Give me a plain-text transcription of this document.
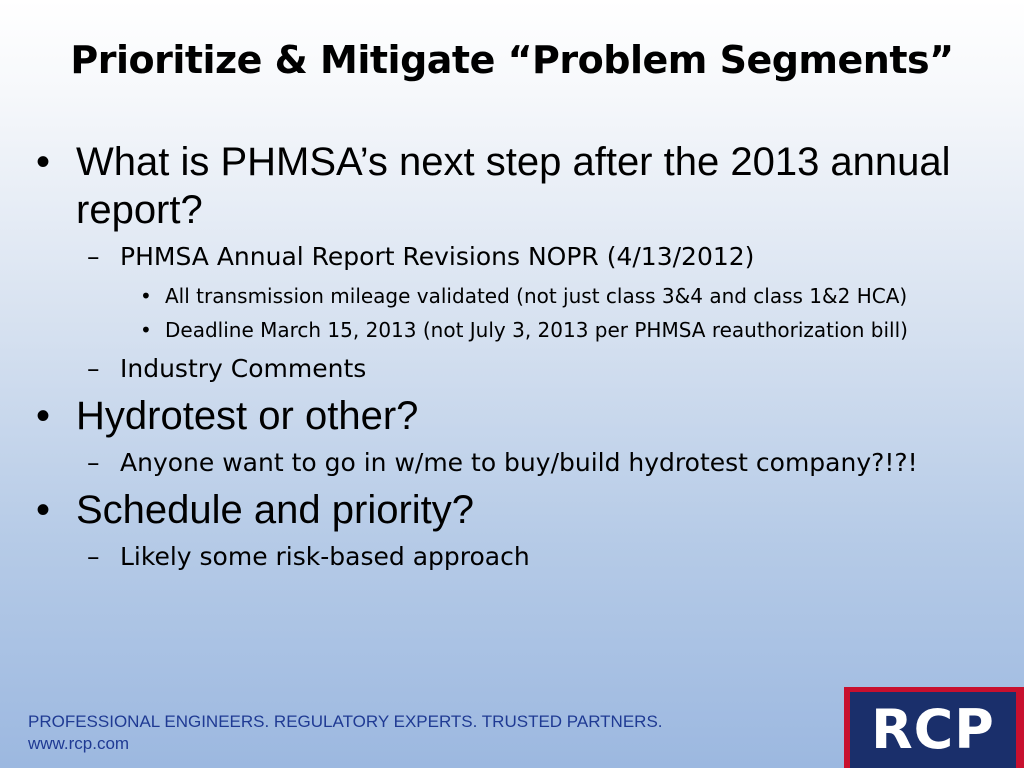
Prioritize & Mitigate “Problem Segments”
• What is PHMSA’s next step after the 2013 annual report?
– PHMSA Annual Report Revisions NOPR (4/13/2012)
• All transmission mileage validated (not just class 3&4 and class 1&2 HCA)
• Deadline March 15, 2013 (not July 3, 2013 per PHMSA reauthorization bill)
– Industry Comments
• Hydrotest or other?
– Anyone want to go in w/me to buy/build hydrotest company?!?!
• Schedule and priority?
– Likely some risk-based approach
PROFESSIONAL ENGINEERS. REGULATORY EXPERTS. TRUSTED PARTNERS.
www.rcp.com	RCP
